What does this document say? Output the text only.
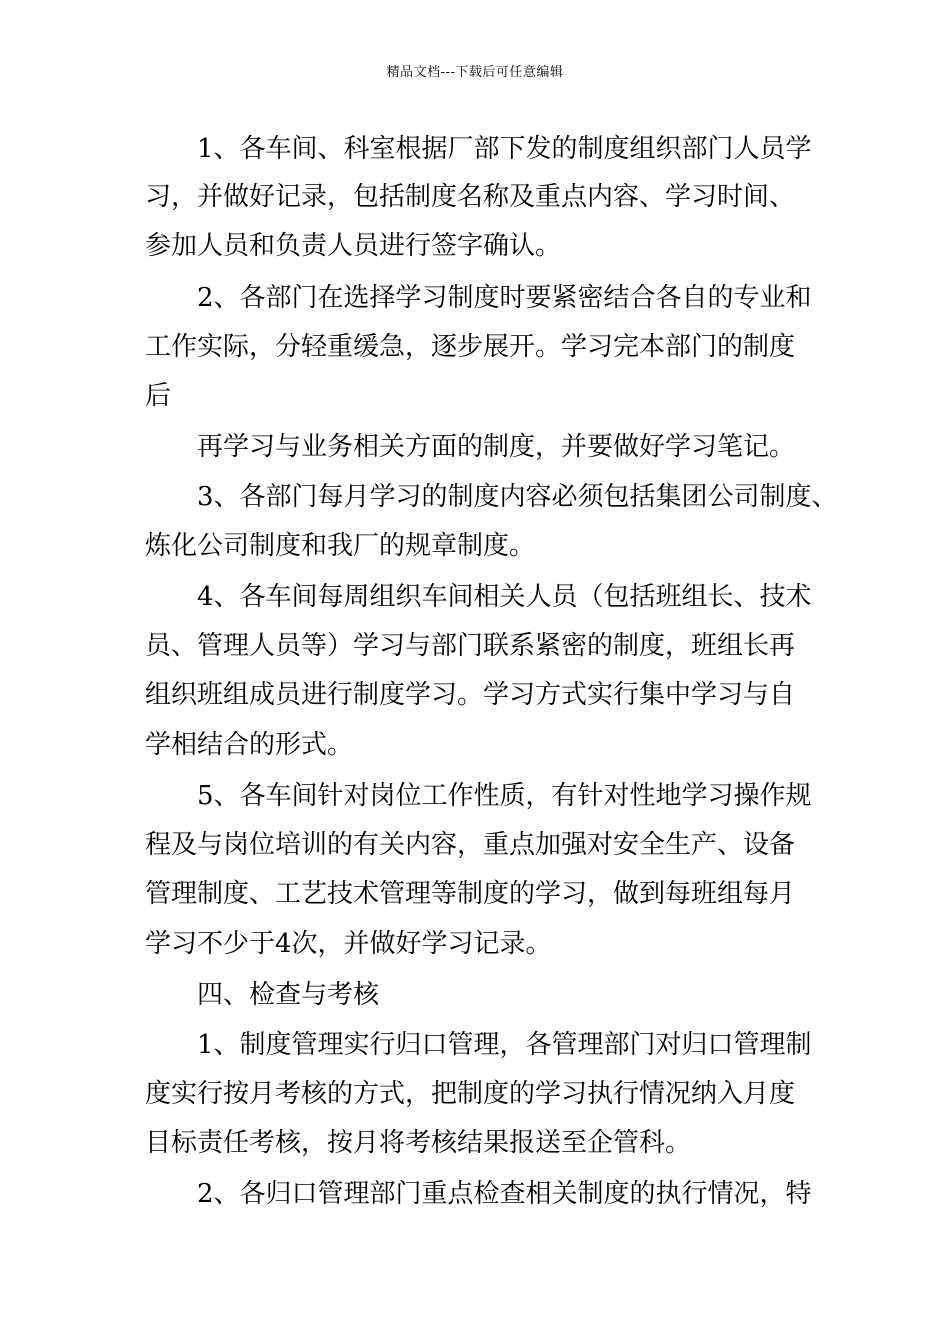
精品文档---下载后可任意编辑
1、各车间、科室根据厂部下发的制度组织部门人员学
习，并做好记录，包括制度名称及重点内容、学习时间、
参加人员和负责人员进行签字确认。
2、各部门在选择学习制度时要紧密结合各自的专业和
工作实际，分轻重缓急，逐步展开。学习完本部门的制度
后
再学习与业务相关方面的制度，并要做好学习笔记。
3、各部门每月学习的制度内容必须包括集团公司制度、
炼化公司制度和我厂的规章制度。
4、各车间每周组织车间相关人员（包括班组长、技术
员、管理人员等）学习与部门联系紧密的制度，班组长再
组织班组成员进行制度学习。学习方式实行集中学习与自
学相结合的形式。
5、各车间针对岗位工作性质，有针对性地学习操作规
程及与岗位培训的有关内容，重点加强对安全生产、设备
管理制度、工艺技术管理等制度的学习，做到每班组每月
学习不少于4次，并做好学习记录。
四、检查与考核
1、制度管理实行归口管理，各管理部门对归口管理制
度实行按月考核的方式，把制度的学习执行情况纳入月度
目标责任考核，按月将考核结果报送至企管科。
2、各归口管理部门重点检查相关制度的执行情况，特
